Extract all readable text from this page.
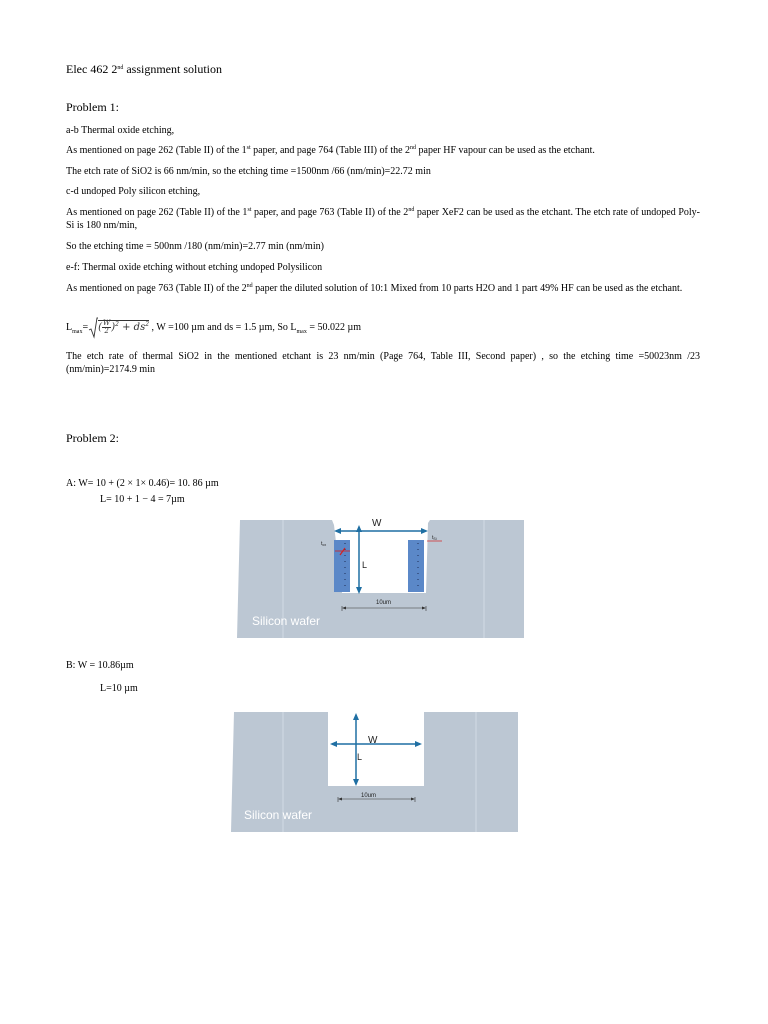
Elec 462 2nd assignment solution
Problem 1:
a-b Thermal oxide etching,
As mentioned on page 262 (Table II) of the 1st paper, and page 764 (Table III) of the 2nd paper HF vapour can be used as the etchant.
The etch rate of SiO2 is 66 nm/min, so the etching time =1500nm /66 (nm/min)=22.72 min
c-d undoped Poly silicon etching,
As mentioned on page 262 (Table II) of the 1st paper, and page 763 (Table II) of the 2nd paper XeF2 can be used as the etchant. The etch rate of undoped Poly-Si is 180 nm/min,
So the etching time = 500nm /180 (nm/min)=2.77 min (nm/min)
e-f: Thermal oxide etching without etching undoped Polysilicon
As mentioned on page 763 (Table II) of the 2nd paper the diluted solution of 10:1 Mixed from 10 parts H2O and 1 part 49% HF can be used as the etchant.
$L_{max}=$ ( $\frac{W}{2} )^2 + ds^2$ , W =100 µm and ds = 1.5 µm, So $L_{max} = 50.022$ µm
The etch rate of thermal SiO2 in the mentioned etchant is 23 nm/min (Page 764, Table III, Second paper) , so the etching time =50023nm /23 (nm/min)=2174.9 min
Problem 2:
A: W= 10 + (2 × 1× 0.46)= 10. 86 µm
L= 10 + 1 − 4 = 7µm
$t_{ox}$
$t_{Si}$
W
L
10um
Silicon wafer
B: W = 10.86µm
L=10 µm
W
L
10um
Silicon wafer
